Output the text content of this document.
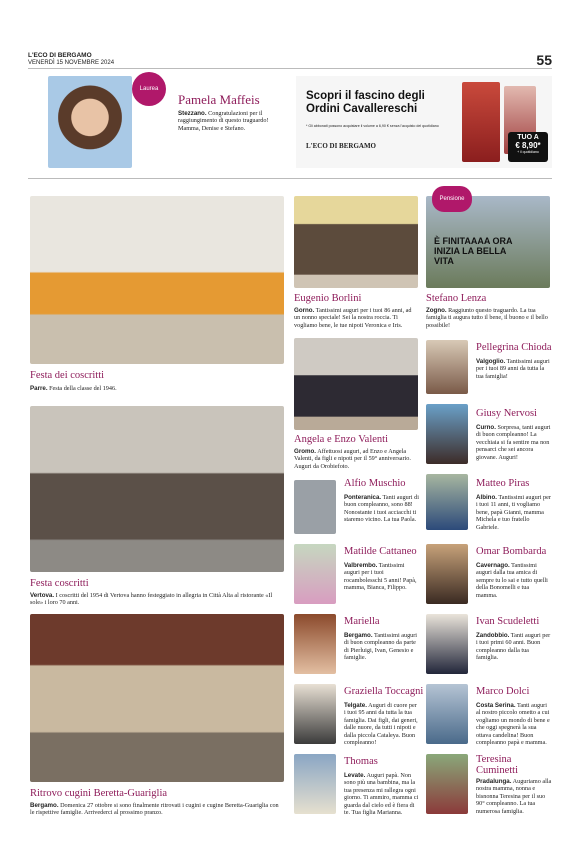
L'ECO DI BERGAMO
VENERDÌ 15 NOVEMBRE 2024	55
Laurea
Pamela Maffeis
Stezzano. Congratulazioni per il raggiungimento di questo traguardo! Mamma, Denise e Stefano.
Scopri il fascino degli Ordini Cavallereschi
* Gli abbonati possono acquistare il volume a 6,90 € senza l'acquisto del quotidiano
L'ECO DI BERGAMO
TUO A
€ 8,90*
+ il quotidiano
Festa dei coscritti
Parre. Festa della classe del 1946.
Festa coscritti
Vertova. I coscritti del 1954 di Vertova hanno festeggiato in allegria in Città Alta al ristorante «Il sole» i loro 70 anni.
Ritrovo cugini Beretta-Guariglia
Bergamo. Domenica 27 ottobre si sono finalmente ritrovati i cugini e cugine Beretta-Guariglia con le rispettive famiglie. Arrivederci al prossimo pranzo.
Eugenio Borlini
Gorno. Tantissimi auguri per i tuoi 86 anni, ad un nonno speciale! Sei la nostra roccia. Ti vogliamo bene, le tue nipoti Veronica e Iris.
Angela e Enzo Valenti
Gromo. Affettuosi auguri, ad Enzo e Angela Valenti, da figli e nipoti per il 59° anniversario. Auguri da Orobiefoto.
Alfio Muschio
Ponteranica. Tanti auguri di buon compleanno, sono 88! Nonostante i tuoi acciacchi ti staremo vicino. La tua Paola.
Matilde Cattaneo
Valbrembo. Tantissimi auguri per i tuoi rocambolesschi 5 anni! Papà, mamma, Bianca, Filippo.
Mariella
Bergamo. Tantissimi auguri di buon compleanno da parte di Pierluigi, Ivan, Genesio e famiglie.
Graziella Toccagni
Telgate. Auguri di cuore per i tuoi 95 anni da tutta la tua famiglia. Dai figli, dai generi, dalle nuore, da tutti i nipoti e dalla piccola Cataleya. Buon compleanno!
Thomas
Levate. Auguri papà. Non sono più una bambina, ma la tua presenza mi rallegra ogni giorno. Ti ammiro, mamma ci guarda dal cielo ed è fiera di te. Tua figlia Marianna.
È FINITAAAA ORA INIZIA LA BELLA VITA
Pensione
Stefano Lenza
Zogno. Raggiunto questo traguardo. La tua famiglia ti augura tutto il bene, il buono e il bello possibile!
Pellegrina Chioda
Valgoglio. Tantissimi auguri per i tuoi 89 anni da tutta la tua famiglia!
Giusy Nervosi
Curno. Sorpresa, tanti auguri di buon compleanno! La vecchiaia si fa sentire ma non pensarci che sei ancora giovane. Auguri!
Matteo Piras
Albino. Tantissimi auguri per i tuoi 11 anni, ti vogliamo bene, papà Gianni, mamma Michela e tuo fratello Gabriele.
Omar Bombarda
Cavernago. Tantissimi auguri dalla tua amica di sempre tu lo sai e tutto quelli della Bonomelli e tua mamma.
Ivan Scudeletti
Zandobbio. Tanti auguri per i tuoi primi 60 anni. Buon compleanno dalla tua famiglia.
Marco Dolci
Costa Serina. Tanti auguri al nostro piccolo ometto a cui vogliamo un mondo di bene e che oggi spegnerà la sua ottava candelina! Buon compleanno papà e mamma.
Teresina Cuminetti
Pradalunga. Auguriamo alla nostra mamma, nonna e bisnonna Teresina per il suo 90° compleanno. La tua numerosa famiglia.
